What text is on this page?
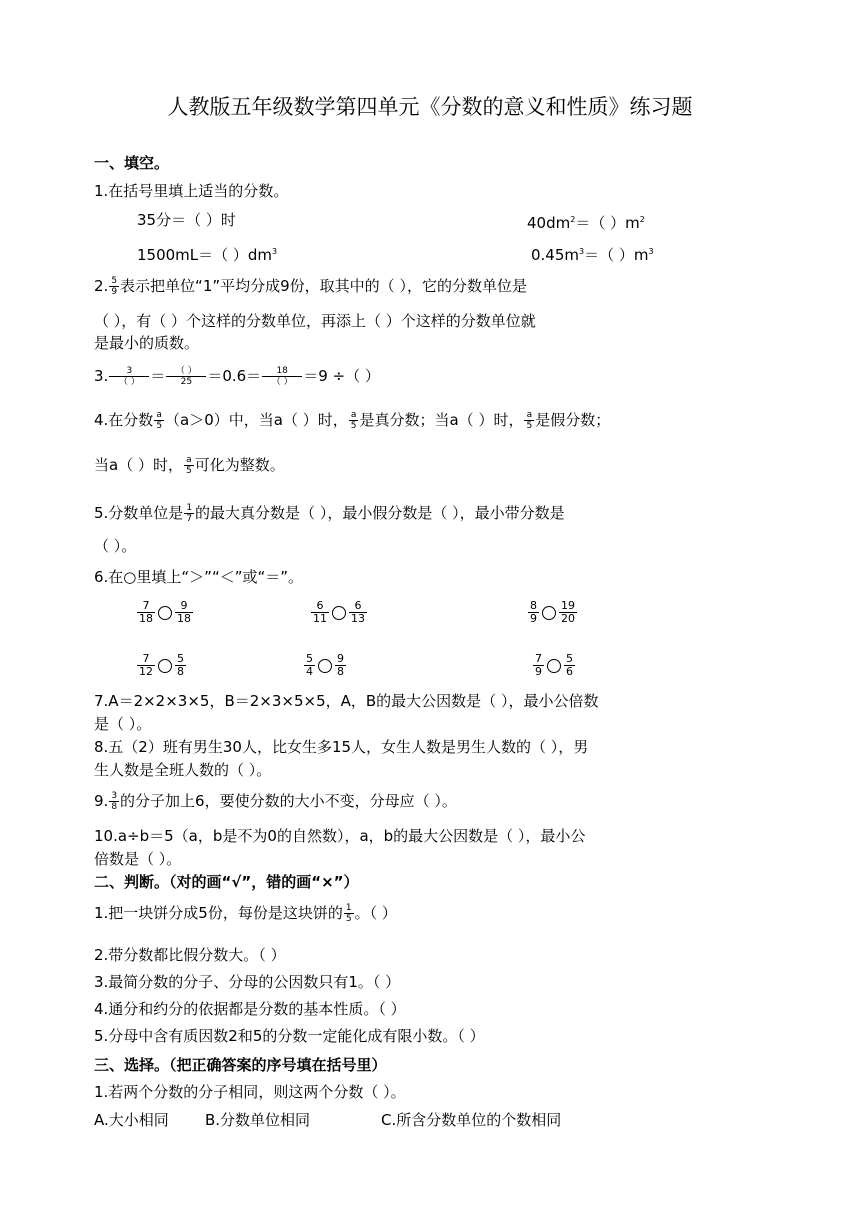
人教版五年级数学第四单元《分数的意义和性质》练习题
一、填空。
1.在括号里填上适当的分数。
35分＝（ ）时	$40dm^2=$（ ）$m^2$
1500mL＝（ ）$dm^3$	$0.45m^3=$（ ）$m^3$
2. $\frac{5}{9}$ 表示把单位“1”平均分成9份，取其中的（ ），它的分数单位是
（ ），有（ ）个这样的分数单位，再添上（ ）个这样的分数单位就
是最小的质数。
3.	3
（ ） ＝	（ ）
25	＝0.6＝	18
（ ） ＝9 ÷（ ）
4.在分数 $\frac{a}{5} (a>0)$中，当a（ ）时， $\frac{a}{5}$ 是真分数；当a（ ）时， $\frac{a}{5}$ 是假分数；
当a（ ）时， $\frac{a}{5}$ 可化为整数。
5.分数单位是 $\frac{1}{7}$ 的最大真分数是（ ），最小假分数是（ ），最小带分数是
（ ）。
6.在○里填上“＞”“＜”或“＝”。
$\frac{7}{18} \frac{9}{18}$	$\frac{6}{11} \frac{6}{13}$	$\frac{8}{9} \frac{19}{20}$
$\frac{7}{12} \frac{5}{8}$	$\frac{5}{4} \frac{9}{8}$	$\frac{7}{9} \frac{5}{6}$
7.A＝2×2×3×5，B＝2×3×5×5，A，B的最大公因数是（ ），最小公倍数
是（ ）。
8.五（2）班有男生30人，比女生多15人，女生人数是男生人数的（ ），男
生人数是全班人数的（ ）。
9. $\frac{3}{8}$ 的分子加上6，要使分数的大小不变，分母应（ ）。
10.a÷b＝5（a，b是不为0的自然数），a，b的最大公因数是（ ），最小公
倍数是（ ）。
二、判断。（对的画“√”，错的画“×”）
1.把一块饼分成5份，每份是这块饼的 $\frac{1}{5}$ 。（ ）
2.带分数都比假分数大。（ ）
3.最简分数的分子、分母的公因数只有1。（ ）
4.通分和约分的依据都是分数的基本性质。（ ）
5.分母中含有质因数2和5的分数一定能化成有限小数。（ ）
三、选择。（把正确答案的序号填在括号里）
1.若两个分数的分子相同，则这两个分数（ ）。
A.大小相同 B.分数单位相同	C.所含分数单位的个数相同
